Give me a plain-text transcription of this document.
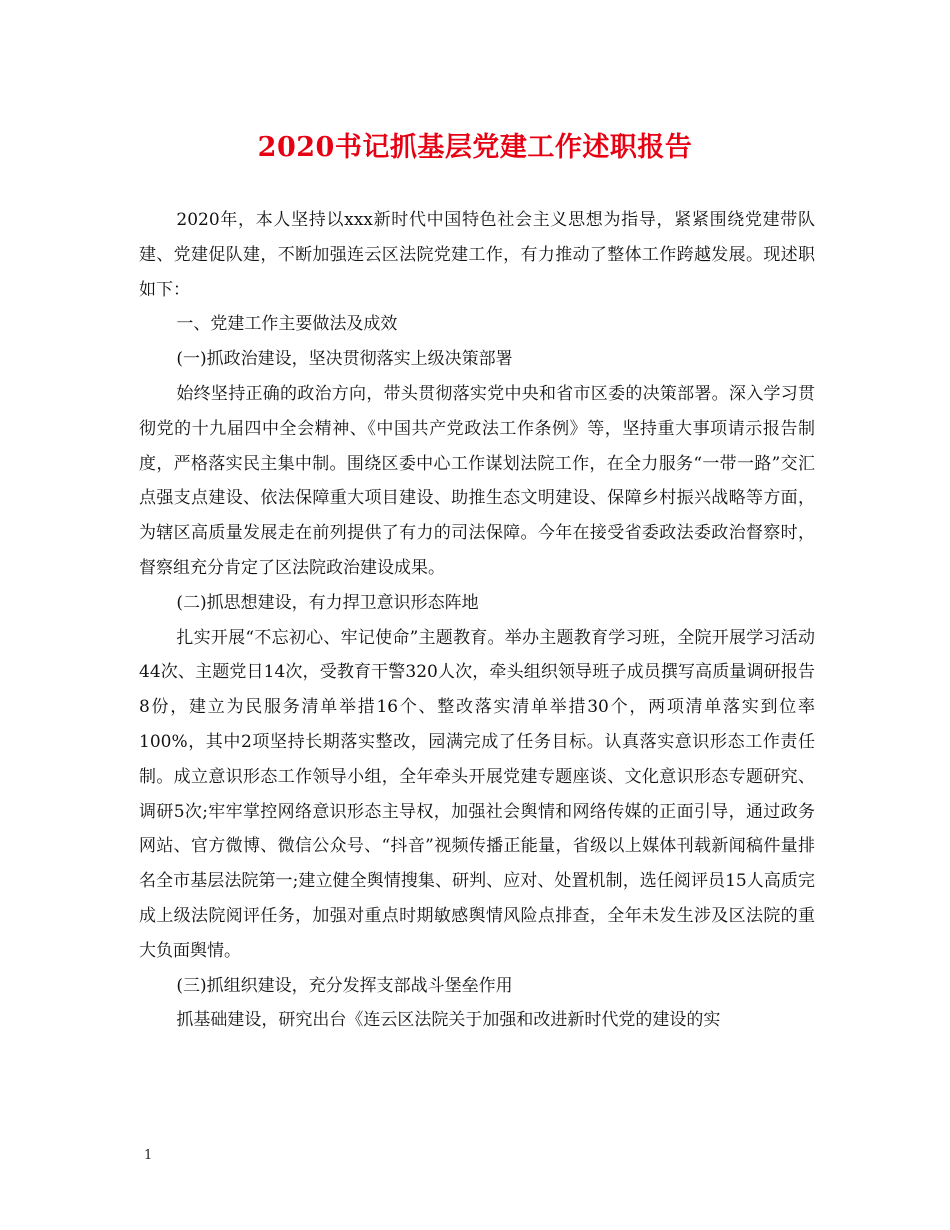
2020书记抓基层党建工作述职报告

2020年，本人坚持以xxx新时代中国特色社会主义思想为指导，紧紧围绕党建带队建、党建促队建，不断加强连云区法院党建工作，有力推动了整体工作跨越发展。现述职如下：

一、党建工作主要做法及成效

(一)抓政治建设，坚决贯彻落实上级决策部署

始终坚持正确的政治方向，带头贯彻落实党中央和省市区委的决策部署。深入学习贯彻党的十九届四中全会精神、《中国共产党政法工作条例》等，坚持重大事项请示报告制度，严格落实民主集中制。围绕区委中心工作谋划法院工作，在全力服务“一带一路”交汇点强支点建设、依法保障重大项目建设、助推生态文明建设、保障乡村振兴战略等方面，为辖区高质量发展走在前列提供了有力的司法保障。今年在接受省委政法委政治督察时，督察组充分肯定了区法院政治建设成果。

(二)抓思想建设，有力捍卫意识形态阵地

扎实开展“不忘初心、牢记使命”主题教育。举办主题教育学习班，全院开展学习活动44次、主题党日14次，受教育干警320人次，牵头组织领导班子成员撰写高质量调研报告8份，建立为民服务清单举措16个、整改落实清单举措30个，两项清单落实到位率100%，其中2项坚持长期落实整改，园满完成了任务目标。认真落实意识形态工作责任制。成立意识形态工作领导小组，全年牵头开展党建专题座谈、文化意识形态专题研究、调研5次;牢牢掌控网络意识形态主导权，加强社会舆情和网络传媒的正面引导，通过政务网站、官方微博、微信公众号、“抖音”视频传播正能量，省级以上媒体刊载新闻稿件量排名全市基层法院第一;建立健全舆情搜集、研判、应对、处置机制，选任阅评员15人高质完成上级法院阅评任务，加强对重点时期敏感舆情风险点排查，全年未发生涉及区法院的重大负面舆情。

(三)抓组织建设，充分发挥支部战斗堡垒作用

抓基础建设，研究出台《连云区法院关于加强和改进新时代党的建设的实

1
